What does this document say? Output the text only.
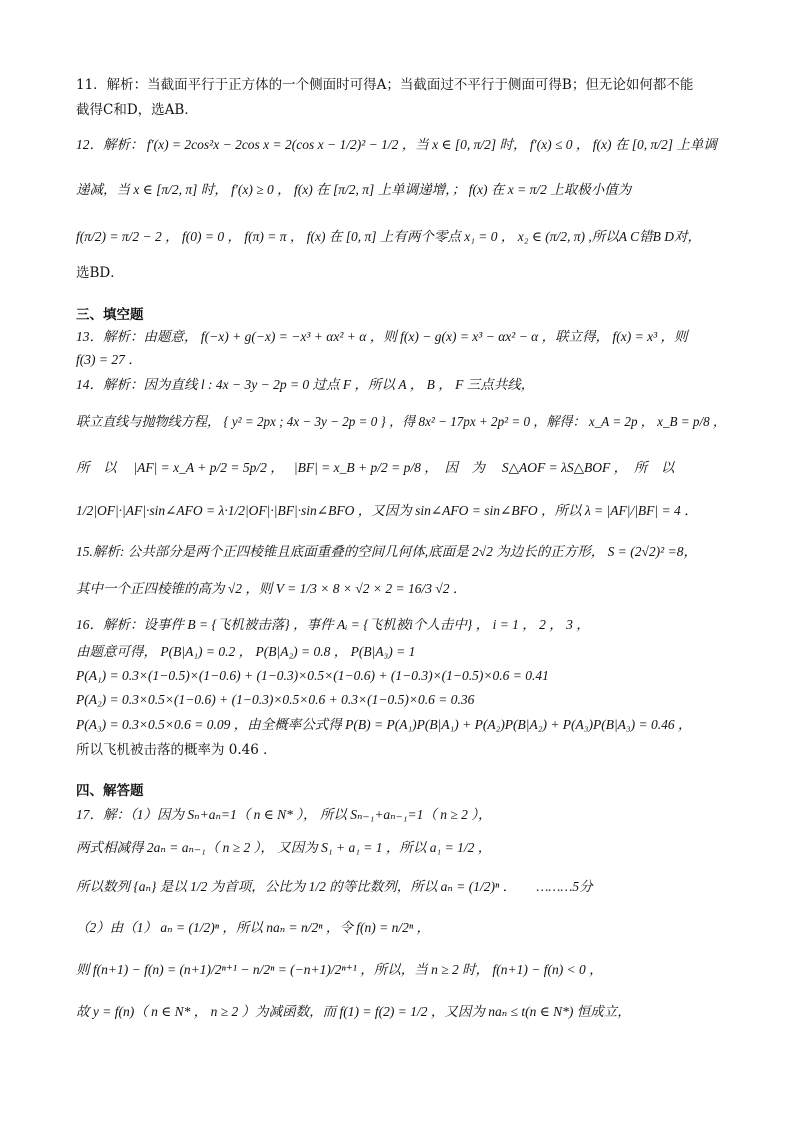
11．解析：当截面平行于正方体的一个侧面时可得A；当截面过不平行于侧面可得B；但无论如何都不能
截得C和D，选AB．
12．解析： f′(x) = 2cos²x − 2cos x = 2(cos x − 1/2)² − 1/2 ，当 x ∈ [0, π/2] 时， f′(x) ≤ 0 ， f(x) 在 [0, π/2] 上单调
递减，当 x ∈ [π/2, π] 时， f′(x) ≥ 0 ， f(x) 在 [π/2, π] 上单调递增，； f(x) 在 x = π/2 上取极小值为
f(π/2) = π/2 − 2 ， f(0) = 0 ， f(π) = π ， f(x) 在 [0, π] 上有两个零点 x₁ = 0 ， x₂ ∈ (π/2, π) ,所以A C错B D对，
选BD．
三、填空题
13．解析：由题意， f(−x) + g(−x) = −x³ + αx² + α ，则 f(x) − g(x) = x³ − αx² − α ，联立得， f(x) = x³ ，则
f(3) = 27 ．
14．解析：因为直线 l : 4x − 3y − 2p = 0 过点 F ，所以 A ， B ， F 三点共线，
联立直线与抛物线方程， { y² = 2px ; 4x − 3y − 2p = 0 } ，得 8x² − 17px + 2p² = 0 ，解得： x_A = 2p ， x_B = p/8 ，
所　以　 |AF| = x_A + p/2 = 5p/2 ，　 |BF| = x_B + p/2 = p/8 ，　因　为　 S△AOF = λS△BOF ，　所　以
1/2|OF|·|AF|·sin∠AFO = λ·1/2|OF|·|BF|·sin∠BFO ，又因为 sin∠AFO = sin∠BFO ，所以 λ = |AF|/|BF| = 4 ．
15.解析: 公共部分是两个正四棱锥且底面重叠的空间几何体,底面是 2√2 为边长的正方形， S = (2√2)² =8，
其中一个正四棱锥的高为 √2 ，则 V = 1/3 × 8 × √2 × 2 = 16/3 √2 ．
16．解析：设事件 B = {飞机被击落} ，事件 Aᵢ = {飞机被i个人击中} ， i = 1 ， 2 ， 3 ，
由题意可得， P(B|A₁) = 0.2 ， P(B|A₂) = 0.8 ， P(B|A₃) = 1
P(A₁) = 0.3×(1−0.5)×(1−0.6) + (1−0.3)×0.5×(1−0.6) + (1−0.3)×(1−0.5)×0.6 = 0.41
P(A₂) = 0.3×0.5×(1−0.6) + (1−0.3)×0.5×0.6 + 0.3×(1−0.5)×0.6 = 0.36
P(A₃) = 0.3×0.5×0.6 = 0.09 ，由全概率公式得 P(B) = P(A₁)P(B|A₁) + P(A₂)P(B|A₂) + P(A₃)P(B|A₃) = 0.46 ，
所以飞机被击落的概率为 0.46 ．
四、解答题
17．解：（1）因为 Sₙ+aₙ=1（ n ∈ N* ）， 所以 Sₙ₋₁+aₙ₋₁=1（ n ≥ 2 ），
两式相减得 2aₙ = aₙ₋₁（ n ≥ 2 ）， 又因为 S₁ + a₁ = 1 ，所以 a₁ = 1/2 ，
所以数列 {aₙ} 是以 1/2 为首项，公比为 1/2 的等比数列，所以 aₙ = (1/2)ⁿ ．　　………5分
（2）由（1） aₙ = (1/2)ⁿ ，所以 naₙ = n/2ⁿ ，令 f(n) = n/2ⁿ ，
则 f(n+1) − f(n) = (n+1)/2ⁿ⁺¹ − n/2ⁿ = (−n+1)/2ⁿ⁺¹ ，所以，当 n ≥ 2 时， f(n+1) − f(n) < 0 ，
故 y = f(n)（ n ∈ N* ， n ≥ 2 ）为减函数，而 f(1) = f(2) = 1/2 ，又因为 naₙ ≤ t(n ∈ N*) 恒成立，
